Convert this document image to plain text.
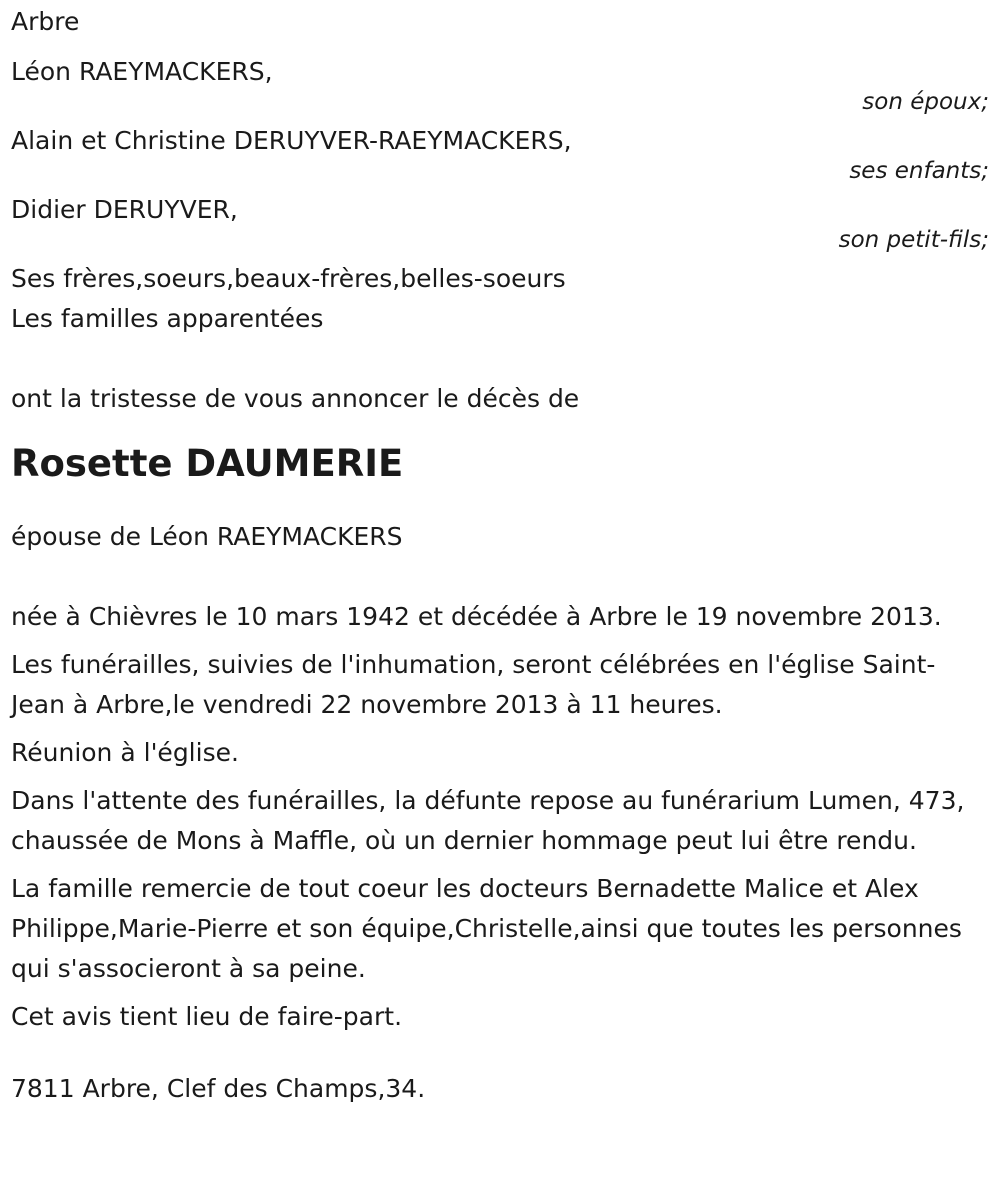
Arbre

Léon RAEYMACKERS,

son époux;

Alain et Christine DERUYVER-RAEYMACKERS,

ses enfants;

Didier DERUYVER,

son petit-fils;

Ses frères,soeurs,beaux-frères,belles-soeurs

Les familles apparentées

ont la tristesse de vous annoncer le décès de

Rosette DAUMERIE

épouse de Léon RAEYMACKERS

née à Chièvres le 10 mars 1942 et décédée à Arbre le 19 novembre 2013.

Les funérailles, suivies de l'inhumation, seront célébrées en l'église Saint-Jean à Arbre,le vendredi 22 novembre 2013 à 11 heures.

Réunion à l'église.

Dans l'attente des funérailles, la défunte repose au funérarium Lumen, 473, chaussée de Mons à Maffle, où un dernier hommage peut lui être rendu.

La famille remercie de tout coeur les docteurs Bernadette Malice et Alex Philippe,Marie-Pierre et son équipe,Christelle,ainsi que toutes les personnes qui s'associeront à sa peine.

Cet avis tient lieu de faire-part.

7811 Arbre, Clef des Champs,34.
